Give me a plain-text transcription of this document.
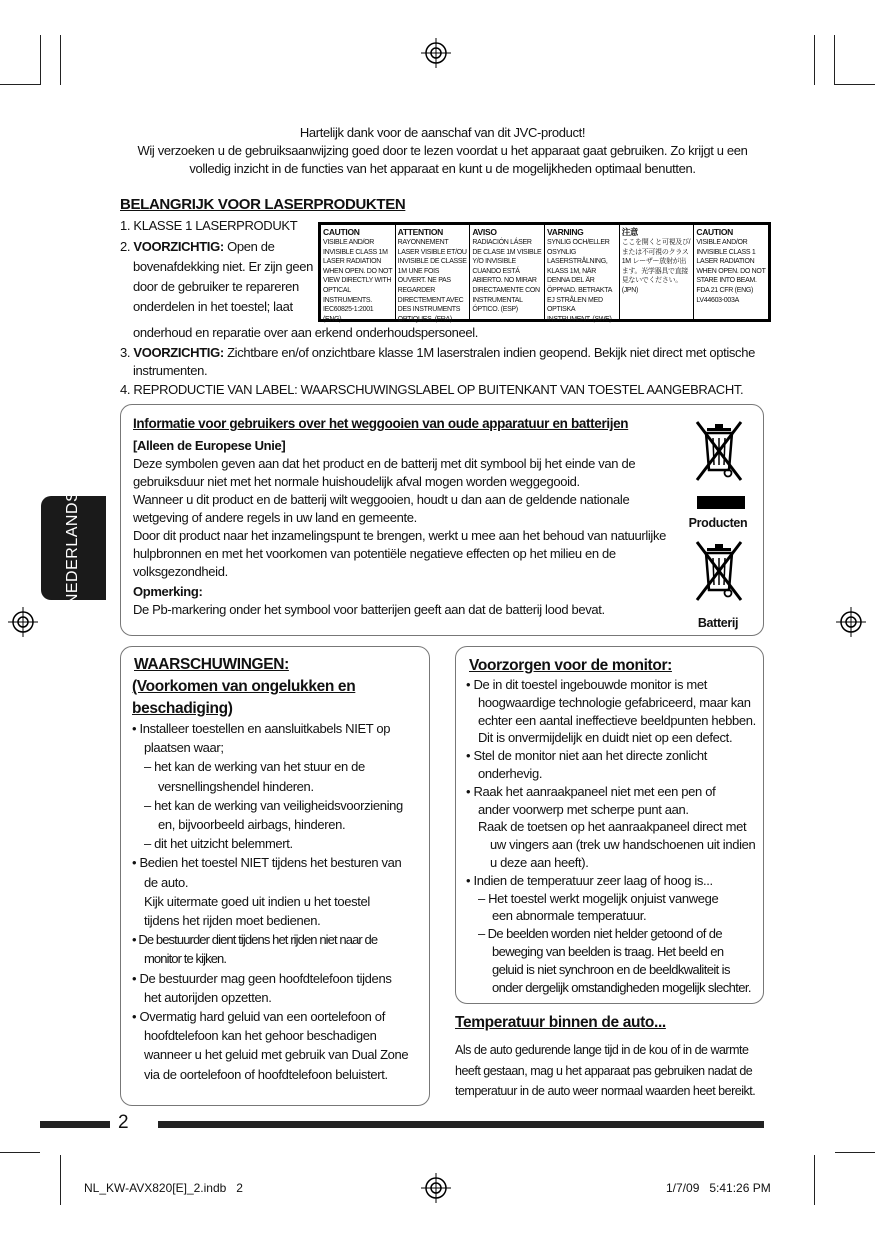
Hartelijk dank voor de aanschaf van dit JVC-product!
Wij verzoeken u de gebruiksaanwijzing goed door te lezen voordat u het apparaat gaat gebruiken. Zo krijgt u een
volledig inzicht in de functies van het apparaat en kunt u de mogelijkheden optimaal benutten.
BELANGRIJK VOOR LASERPRODUKTEN
1. KLASSE 1 LASERPRODUKT
2. VOORZICHTIG: Open de
bovenafdekking niet. Er zijn geen
door de gebruiker te repareren
onderdelen in het toestel; laat
onderhoud en reparatie over aan erkend onderhoudspersoneel.
3. VOORZICHTIG: Zichtbare en/of onzichtbare klasse 1M laserstralen indien geopend. Bekijk niet direct met optische
instrumenten.
4. REPRODUCTIE VAN LABEL: WAARSCHUWINGSLABEL OP BUITENKANT VAN TOESTEL AANGEBRACHT.
CAUTION
VISIBLE AND/OR INVISIBLE CLASS 1M LASER RADIATION WHEN OPEN. DO NOT VIEW DIRECTLY WITH OPTICAL INSTRUMENTS. IEC60825-1:2001 (ENG)
ATTENTION
RAYONNEMENT LASER VISIBLE ET/OU INVISIBLE DE CLASSE 1M UNE FOIS OUVERT. NE PAS REGARDER DIRECTEMENT AVEC DES INSTRUMENTS OPTIQUES. (FRA)
AVISO
RADIACIÓN LÁSER DE CLASE 1M VISIBLE Y/O INVISIBLE CUANDO ESTÁ ABIERTO. NO MIRAR DIRECTAMENTE CON INSTRUMENTAL ÓPTICO. (ESP)
VARNING
SYNLIG OCH/ELLER OSYNLIG LASERSTRÅLNING, KLASS 1M, NÄR DENNA DEL ÄR ÖPPNAD. BETRAKTA EJ STRÅLEN MED OPTISKA INSTRUMENT. (SWE)
注意
ここを開くと可視及び/または不可視のクラス1M レーザー放射が出ます。光学器具で直接見ないでください。(JPN)
CAUTION
VISIBLE AND/OR INVISIBLE CLASS 1 LASER RADIATION WHEN OPEN. DO NOT STARE INTO BEAM. FDA 21 CFR (ENG) LV44603-003A
NEDERLANDS
Informatie voor gebruikers over het weggooien van oude apparatuur en batterijen
[Alleen de Europese Unie]
Deze symbolen geven aan dat het product en de batterij met dit symbool bij het einde van de
gebruiksduur niet met het normale huishoudelijk afval mogen worden weggegooid.
Wanneer u dit product en de batterij wilt weggooien, houdt u dan aan de geldende nationale
wetgeving of andere regels in uw land en gemeente.
Door dit product naar het inzamelingspunt te brengen, werkt u mee aan het behoud van natuurlijke
hulpbronnen en met het voorkomen van potentiële negatieve effecten op het milieu en de
volksgezondheid.
Opmerking:
De Pb-markering onder het symbool voor batterijen geeft aan dat de batterij lood bevat.
Producten
Batterij
WAARSCHUWINGEN:
(Voorkomen van ongelukken en
beschadiging)
• Installeer toestellen en aansluitkabels NIET op
plaatsen waar;
– het kan de werking van het stuur en de
versnellingshendel hinderen.
– het kan de werking van veiligheidsvoorziening
en, bijvoorbeeld airbags, hinderen.
– dit het uitzicht belemmert.
• Bedien het toestel NIET tijdens het besturen van
de auto.
Kijk uitermate goed uit indien u het toestel
tijdens het rijden moet bedienen.
• De bestuurder dient tijdens het rijden niet naar de
monitor te kijken.
• De bestuurder mag geen hoofdtelefoon tijdens
het autorijden opzetten.
• Overmatig hard geluid van een oortelefoon of
hoofdtelefoon kan het gehoor beschadigen
wanneer u het geluid met gebruik van Dual Zone
via de oortelefoon of hoofdtelefoon beluistert.
Voorzorgen voor de monitor:
• De in dit toestel ingebouwde monitor is met
hoogwaardige technologie gefabriceerd, maar kan
echter een aantal ineffectieve beeldpunten hebben.
Dit is onvermijdelijk en duidt niet op een defect.
• Stel de monitor niet aan het directe zonlicht
onderhevig.
• Raak het aanraakpaneel niet met een pen of
ander voorwerp met scherpe punt aan.
Raak de toetsen op het aanraakpaneel direct met
uw vingers aan (trek uw handschoenen uit indien
u deze aan heeft).
• Indien de temperatuur zeer laag of hoog is...
– Het toestel werkt mogelijk onjuist vanwege
een abnormale temperatuur.
– De beelden worden niet helder getoond of de
beweging van beelden is traag. Het beeld en
geluid is niet synchroon en de beeldkwaliteit is
onder dergelijk omstandigheden mogelijk slechter.
Temperatuur binnen de auto...
Als de auto gedurende lange tijd in de kou of in de warmte
heeft gestaan, mag u het apparaat pas gebruiken nadat de
temperatuur in de auto weer normaal waarden heet bereikt.
2
NL_KW-AVX820[E]_2.indb   2	1/7/09   5:41:26 PM
